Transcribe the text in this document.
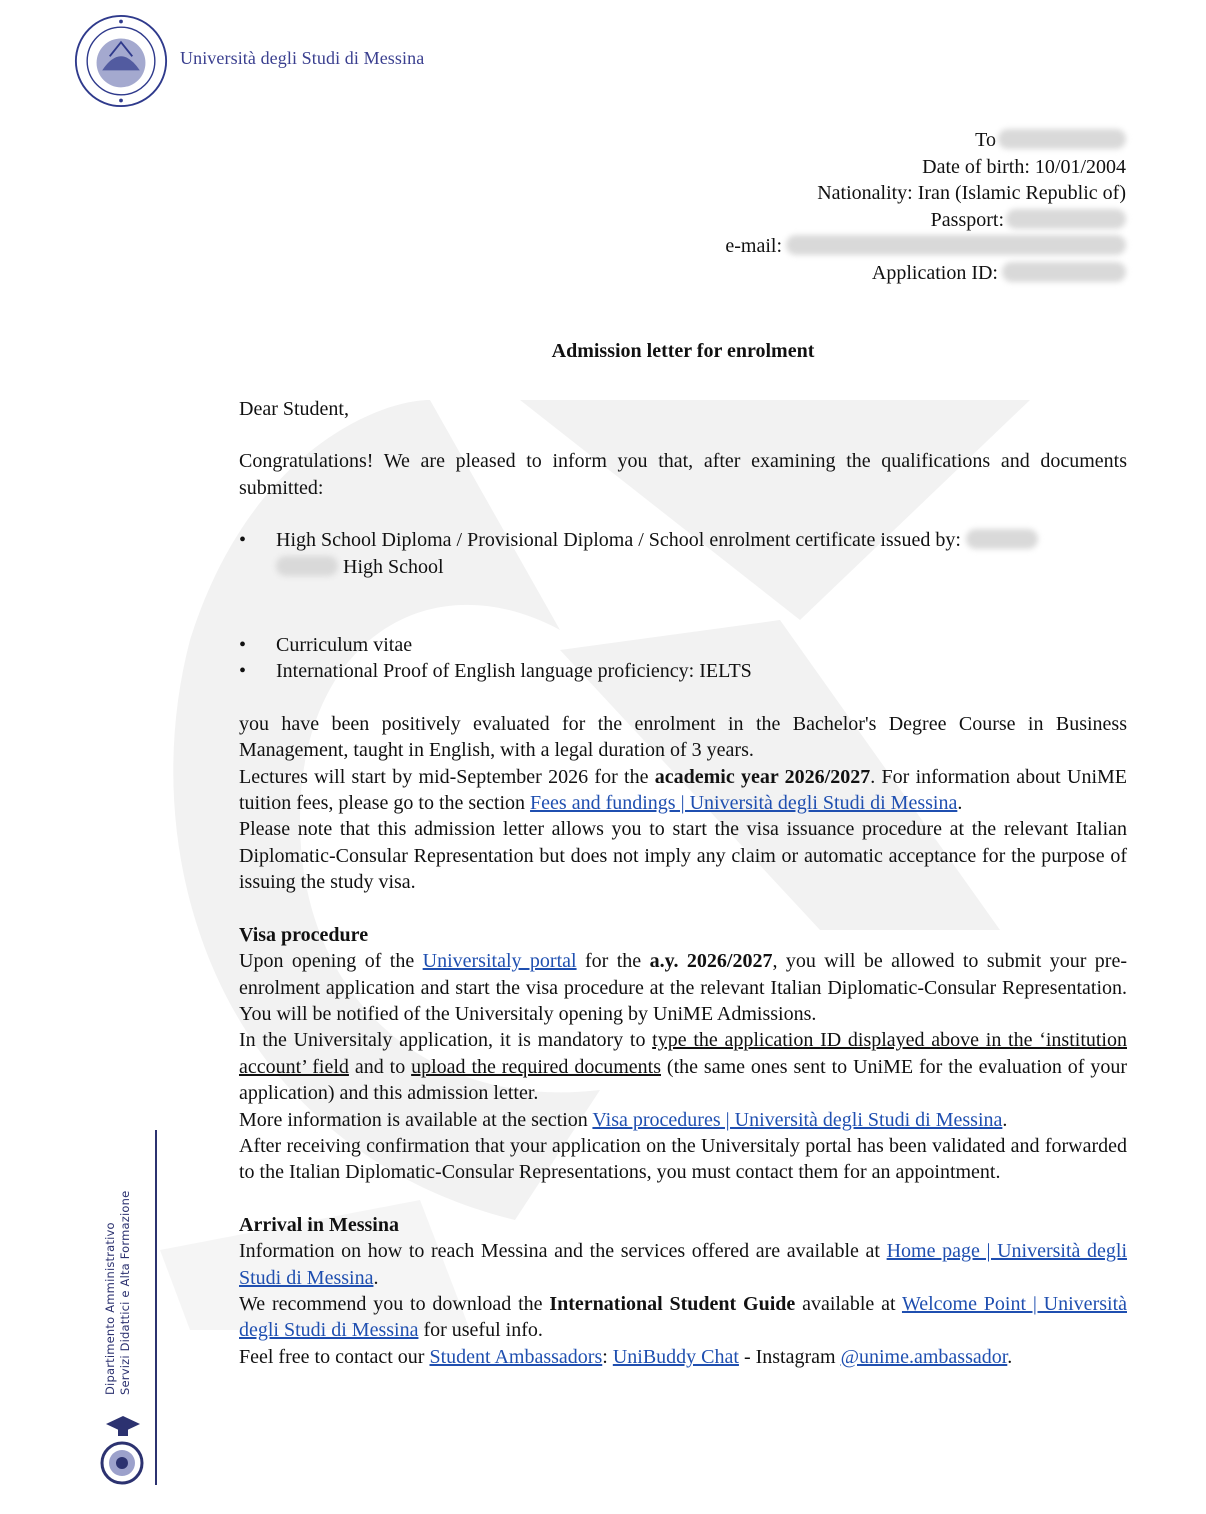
Università degli Studi di Messina
To
Date of birth: 10/01/2004
Nationality: Iran (Islamic Republic of)
Passport:
e-mail:
Application ID:
Admission letter for enrolment

Dear Student,

Congratulations! We are pleased to inform you that, after examining the qualifications and documents submitted:

• High School Diploma / Provisional Diploma / School enrolment certificate issued by:
High School
• Curriculum vitae
• International Proof of English language proficiency: IELTS

you have been positively evaluated for the enrolment in the Bachelor's Degree Course in Business Management, taught in English, with a legal duration of 3 years.

Lectures will start by mid-September 2026 for the academic year 2026/2027. For information about UniME tuition fees, please go to the section Fees and fundings | Università degli Studi di Messina.

Please note that this admission letter allows you to start the visa issuance procedure at the relevant Italian Diplomatic-Consular Representation but does not imply any claim or automatic acceptance for the purpose of issuing the study visa.

Visa procedure

Upon opening of the Universitaly portal for the a.y. 2026/2027, you will be allowed to submit your pre-enrolment application and start the visa procedure at the relevant Italian Diplomatic-Consular Representation. You will be notified of the Universitaly opening by UniME Admissions.

In the Universitaly application, it is mandatory to type the application ID displayed above in the ‘institution account’ field and to upload the required documents (the same ones sent to UniME for the evaluation of your application) and this admission letter.

More information is available at the section Visa procedures | Università degli Studi di Messina.

After receiving confirmation that your application on the Universitaly portal has been validated and forwarded to the Italian Diplomatic-Consular Representations, you must contact them for an appointment.

Arrival in Messina

Information on how to reach Messina and the services offered are available at Home page | Università degli Studi di Messina.

We recommend you to download the International Student Guide available at Welcome Point | Università degli Studi di Messina for useful info.

Feel free to contact our Student Ambassadors: UniBuddy Chat - Instagram @unime.ambassador.

Dipartimento Amministrativo Servizi Didattici e Alta Formazione
